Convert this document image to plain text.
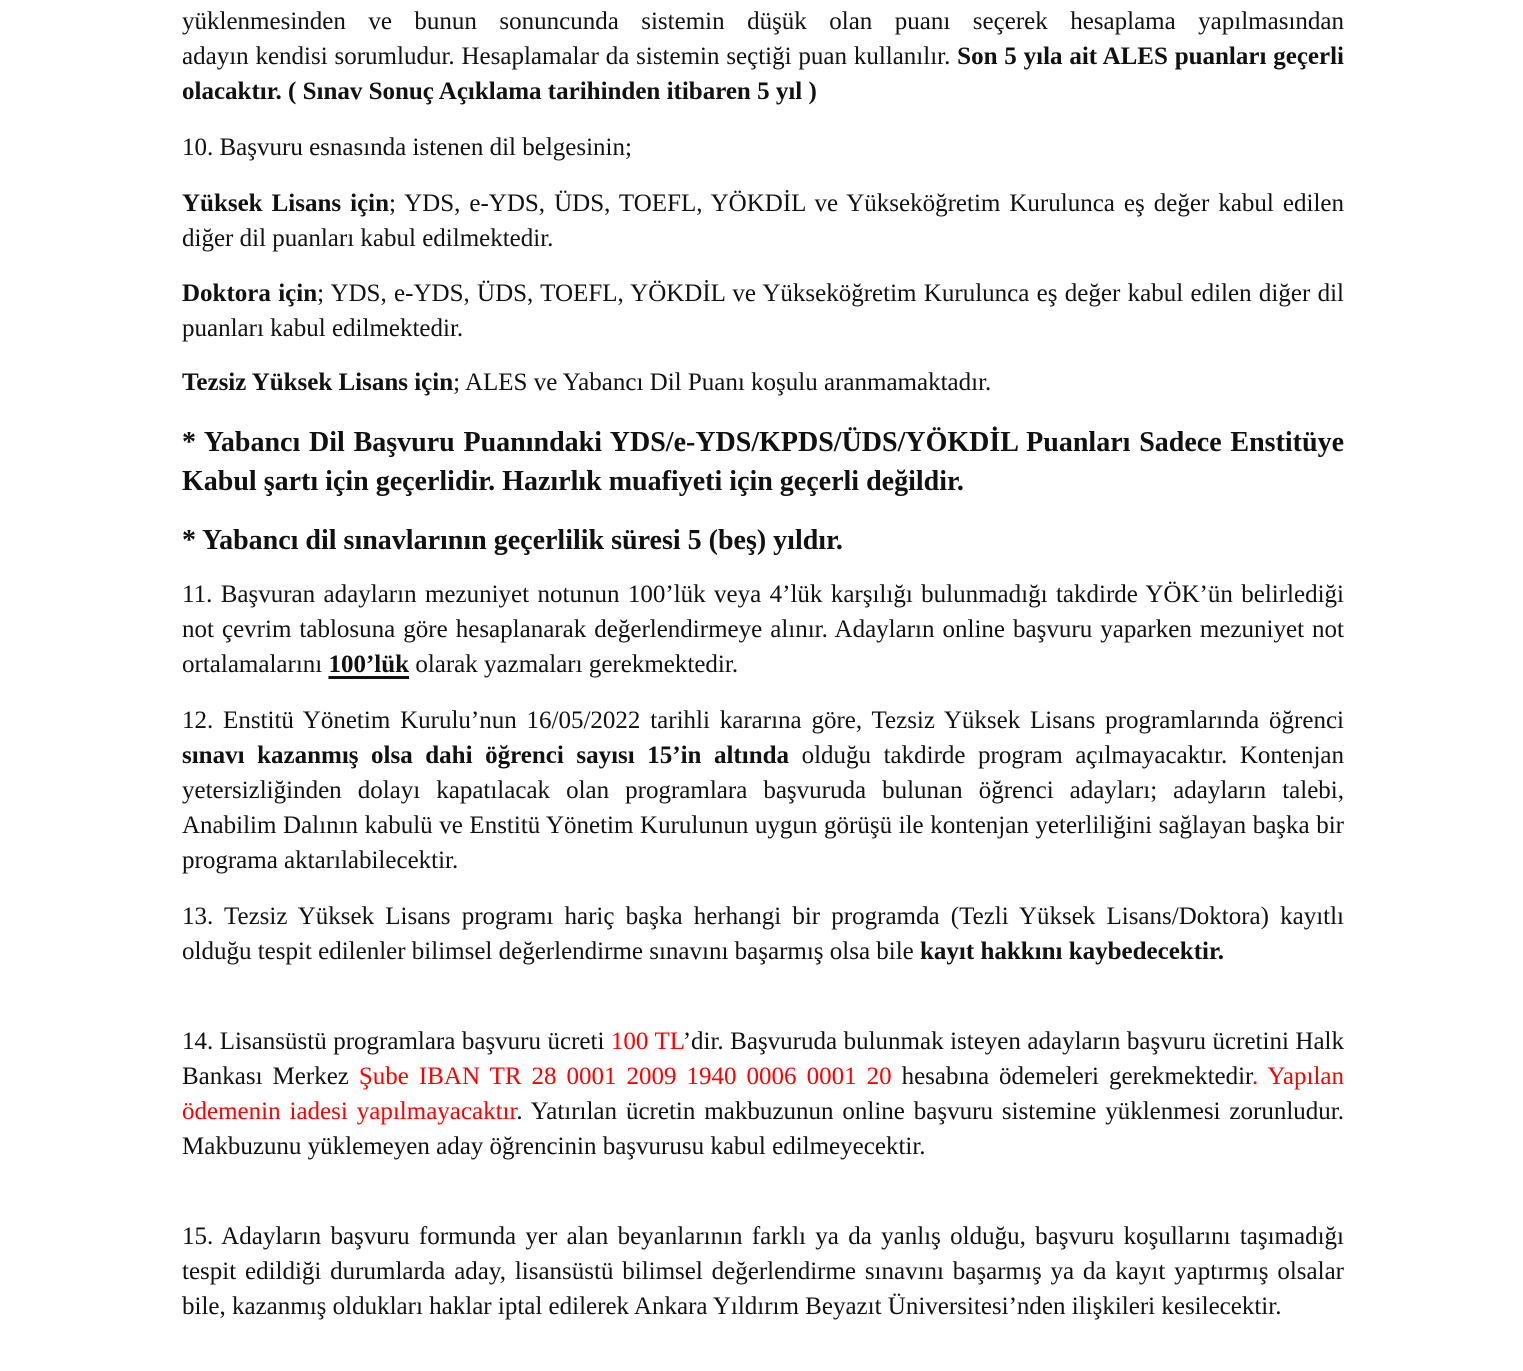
yüklenmesinden ve bunun sonuncunda sistemin düşük olan puanı seçerek hesaplama yapılmasından

adayın kendisi sorumludur. Hesaplamalar da sistemin seçtiği puan kullanılır. Son 5 yıla ait ALES puanları geçerli olacaktır. ( Sınav Sonuç Açıklama tarihinden itibaren 5 yıl )

10. Başvuru esnasında istenen dil belgesinin;

Yüksek Lisans için; YDS, e-YDS, ÜDS, TOEFL, YÖKDİL ve Yükseköğretim Kurulunca eş değer kabul edilen diğer dil puanları kabul edilmektedir.

Doktora için; YDS, e-YDS, ÜDS, TOEFL, YÖKDİL ve Yükseköğretim Kurulunca eş değer kabul edilen diğer dil puanları kabul edilmektedir.

Tezsiz Yüksek Lisans için; ALES ve Yabancı Dil Puanı koşulu aranmamaktadır.

* Yabancı Dil Başvuru Puanındaki YDS/e-YDS/KPDS/ÜDS/YÖKDİL Puanları Sadece Enstitüye Kabul şartı için geçerlidir. Hazırlık muafiyeti için geçerli değildir.

* Yabancı dil sınavlarının geçerlilik süresi 5 (beş) yıldır.

11. Başvuran adayların mezuniyet notunun 100’lük veya 4’lük karşılığı bulunmadığı takdirde YÖK’ün belirlediği not çevrim tablosuna göre hesaplanarak değerlendirmeye alınır. Adayların online başvuru yaparken mezuniyet not ortalamalarını 100’lük olarak yazmaları gerekmektedir.

12. Enstitü Yönetim Kurulu’nun 16/05/2022 tarihli kararına göre, Tezsiz Yüksek Lisans programlarında öğrenci sınavı kazanmış olsa dahi öğrenci sayısı 15’in altında olduğu takdirde program açılmayacaktır. Kontenjan yetersizliğinden dolayı kapatılacak olan programlara başvuruda bulunan öğrenci adayları; adayların talebi, Anabilim Dalının kabulü ve Enstitü Yönetim Kurulunun uygun görüşü ile kontenjan yeterliliğini sağlayan başka bir programa aktarılabilecektir.

13. Tezsiz Yüksek Lisans programı hariç başka herhangi bir programda (Tezli Yüksek Lisans/Doktora) kayıtlı olduğu tespit edilenler bilimsel değerlendirme sınavını başarmış olsa bile kayıt hakkını kaybedecektir.

14. Lisansüstü programlara başvuru ücreti 100 TL’dir. Başvuruda bulunmak isteyen adayların başvuru ücretini Halk Bankası Merkez Şube IBAN TR 28 0001 2009 1940 0006 0001 20 hesabına ödemeleri gerekmektedir. Yapılan ödemenin iadesi yapılmayacaktır. Yatırılan ücretin makbuzunun online başvuru sistemine yüklenmesi zorunludur. Makbuzunu yüklemeyen aday öğrencinin başvurusu kabul edilmeyecektir.

15. Adayların başvuru formunda yer alan beyanlarının farklı ya da yanlış olduğu, başvuru koşullarını taşımadığı tespit edildiği durumlarda aday, lisansüstü bilimsel değerlendirme sınavını başarmış ya da kayıt yaptırmış olsalar bile, kazanmış oldukları haklar iptal edilerek Ankara Yıldırım Beyazıt Üniversitesi’nden ilişkileri kesilecektir.
